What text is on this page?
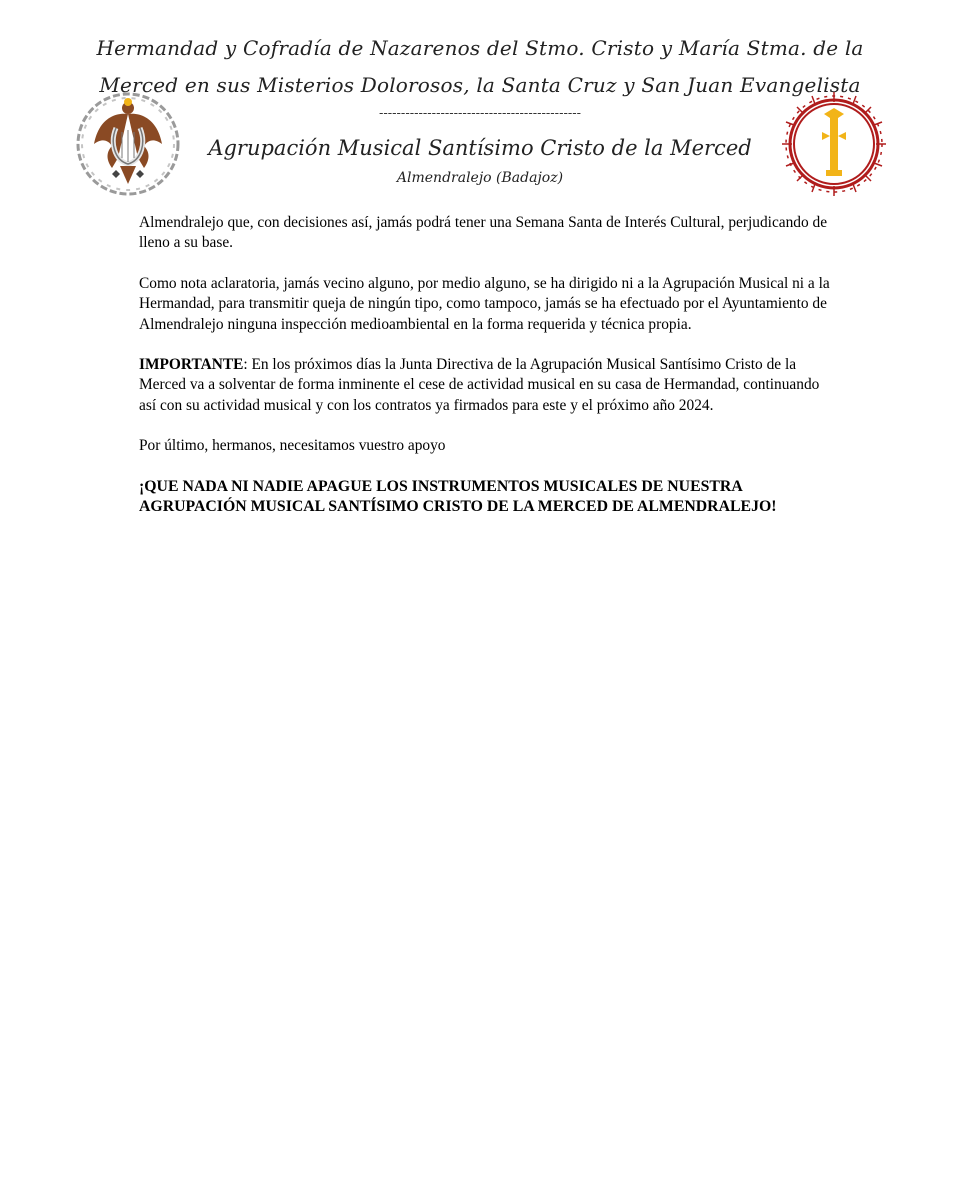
Hermandad y Cofradía de Nazarenos del Stmo. Cristo y María Stma. de la
Merced en sus Misterios Dolorosos, la Santa Cruz y San Juan Evangelista
----------------------------------------------
Agrupación Musical Santísimo Cristo de la Merced
Almendralejo (Badajoz)

Almendralejo que, con decisiones así, jamás podrá tener una Semana Santa de Interés Cultural, perjudicando de lleno a su base.

Como nota aclaratoria, jamás vecino alguno, por medio alguno, se ha dirigido ni a la Agrupación Musical ni a la Hermandad, para transmitir queja de ningún tipo, como tampoco, jamás se ha efectuado por el Ayuntamiento de Almendralejo ninguna inspección medioambiental en la forma requerida y técnica propia.

IMPORTANTE: En los próximos días la Junta Directiva de la Agrupación Musical Santísimo Cristo de la Merced va a solventar de forma inminente el cese de actividad musical en su casa de Hermandad, continuando así con su actividad musical y con los contratos ya firmados para este y el próximo año 2024.

Por último, hermanos, necesitamos vuestro apoyo

¡QUE NADA NI NADIE APAGUE LOS INSTRUMENTOS MUSICALES DE NUESTRA AGRUPACIÓN MUSICAL SANTÍSIMO CRISTO DE LA MERCED DE ALMENDRALEJO!
